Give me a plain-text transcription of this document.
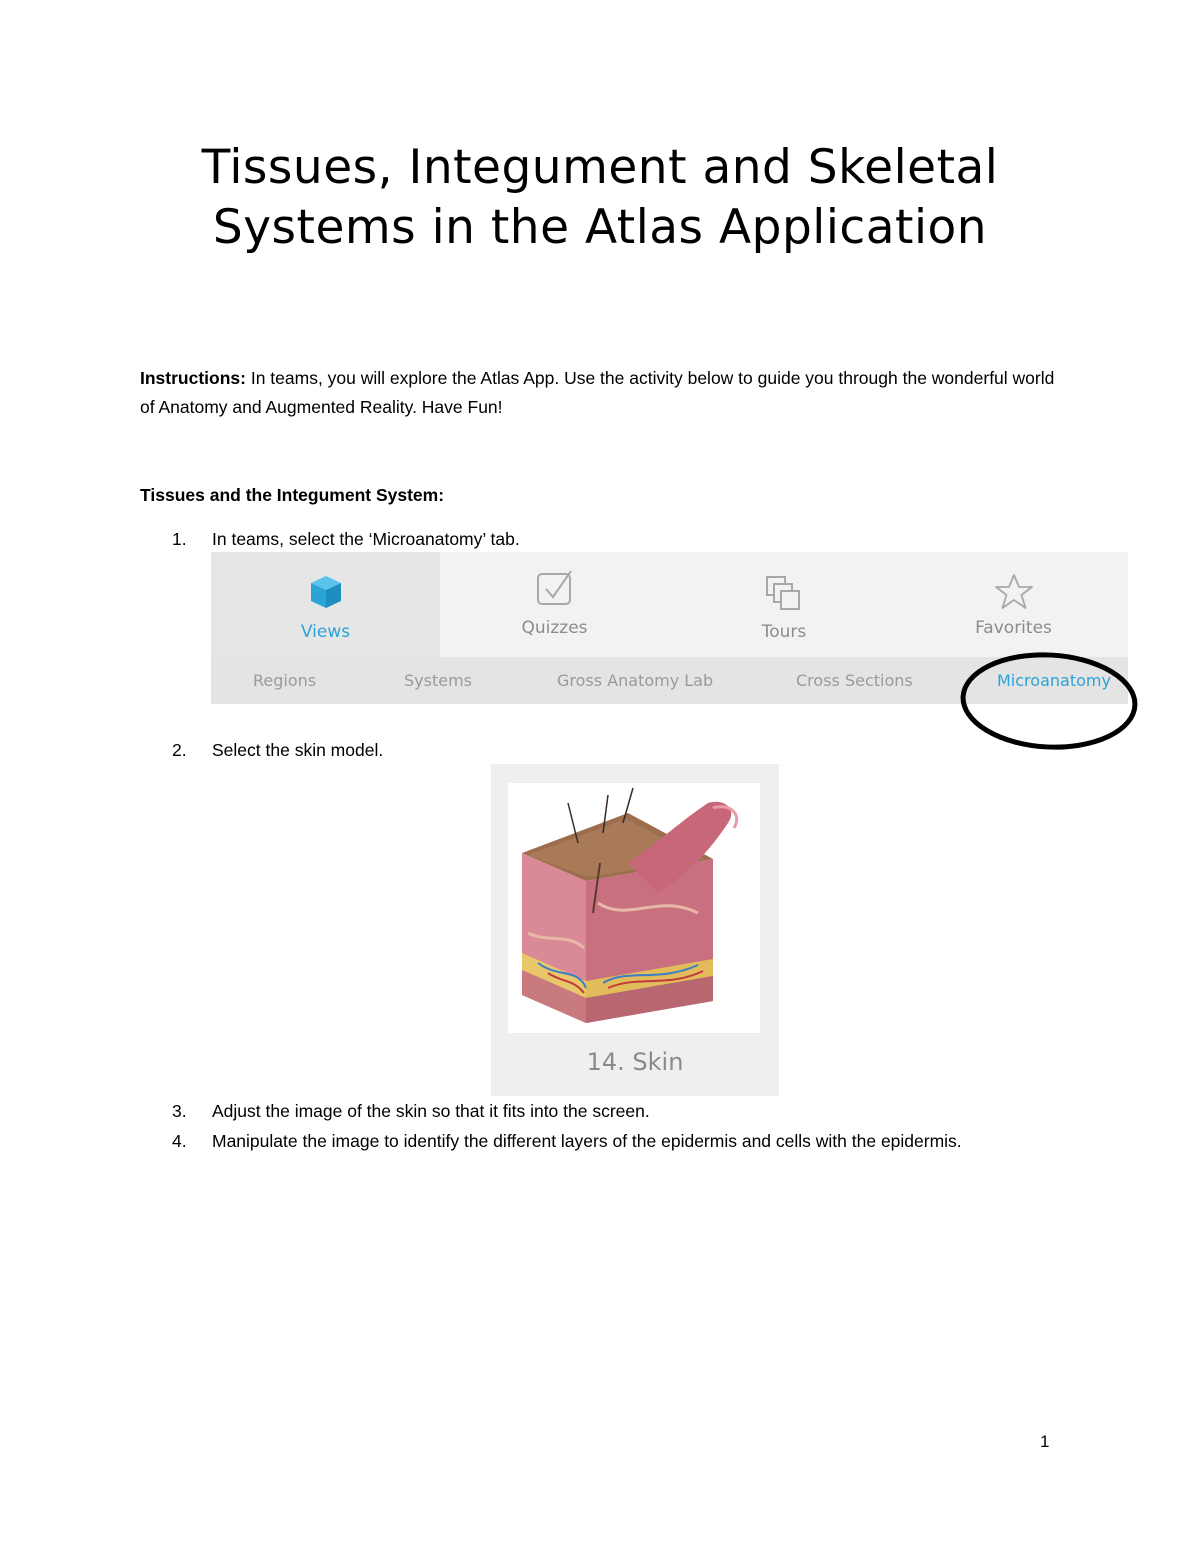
Tissues, Integument and Skeletal
Systems in the Atlas Application

Instructions: In teams, you will explore the Atlas App. Use the activity below to guide you through the wonderful world of Anatomy and Augmented Reality. Have Fun!

Tissues and the Integument System:

1. In teams, select the ‘Microanatomy’ tab.
Views	Quizzes	Tours	Favorites
Regions	Systems	Gross Anatomy Lab	Cross Sections	Microanatomy
2. Select the skin model.
14. Skin
3. Adjust the image of the skin so that it fits into the screen.
4. Manipulate the image to identify the different layers of the epidermis and cells with the epidermis.
1
